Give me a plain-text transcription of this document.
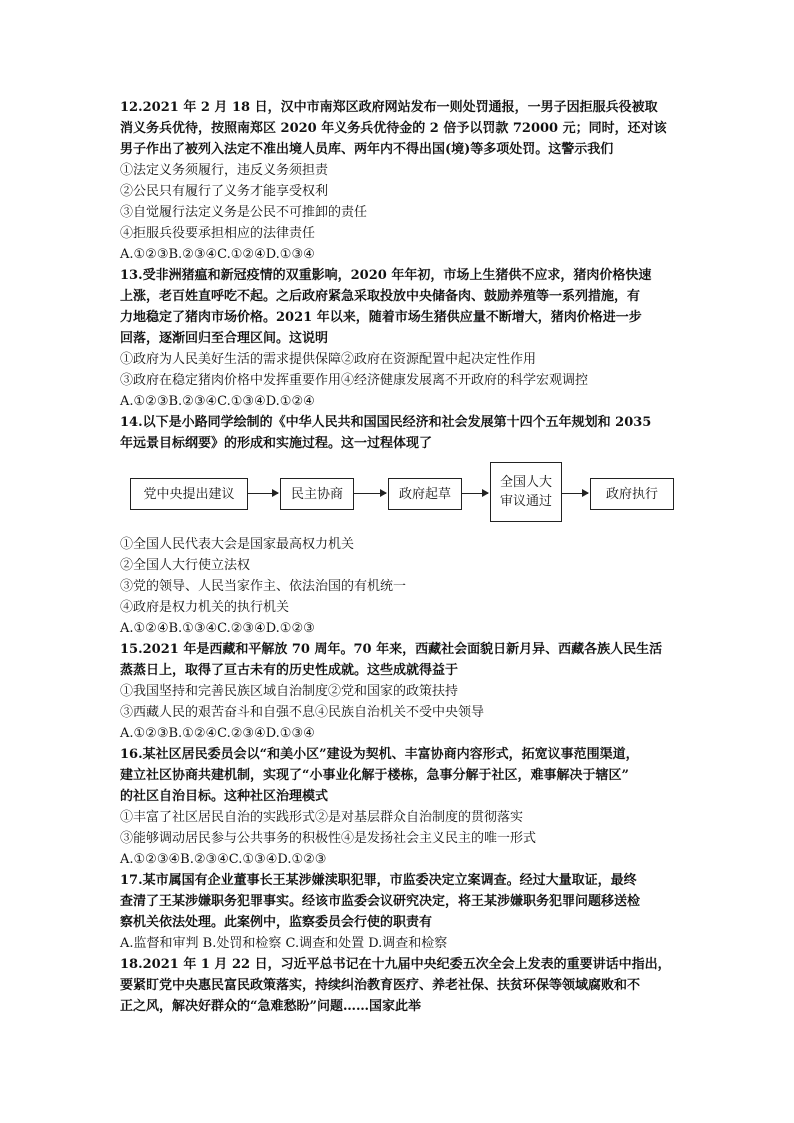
12.2021 年 2 月 18 日，汉中市南郑区政府网站发布一则处罚通报，一男子因拒服兵役被取
消义务兵优待，按照南郑区 2020 年义务兵优待金的 2 倍予以罚款 72000 元；同时，还对该
男子作出了被列入法定不准出境人员库、两年内不得出国(境)等多项处罚。这警示我们
①法定义务须履行，违反义务须担责
②公民只有履行了义务才能享受权利
③自觉履行法定义务是公民不可推卸的责任
④拒服兵役要承担相应的法律责任
A.①②③B.②③④C.①②④D.①③④
13.受非洲猪瘟和新冠疫情的双重影响，2020 年年初，市场上生猪供不应求，猪肉价格快速
上涨，老百姓直呼吃不起。之后政府紧急采取投放中央储备肉、鼓励养殖等一系列措施，有
力地稳定了猪肉市场价格。2021 年以来，随着市场生猪供应量不断增大，猪肉价格进一步
回落，逐渐回归至合理区间。这说明
①政府为人民美好生活的需求提供保障②政府在资源配置中起决定性作用
③政府在稳定猪肉价格中发挥重要作用④经济健康发展离不开政府的科学宏观调控
A.①②③B.②③④C.①③④D.①②④
14.以下是小路同学绘制的《中华人民共和国国民经济和社会发展第十四个五年规划和 2035
年远景目标纲要》的形成和实施过程。这一过程体现了
党中央提出建议	民主协商	政府起草
全国人大
审议通过	政府执行
①全国人民代表大会是国家最高权力机关
②全国人大行使立法权
③党的领导、人民当家作主、依法治国的有机统一
④政府是权力机关的执行机关
A.①②④B.①③④C.②③④D.①②③
15.2021 年是西藏和平解放 70 周年。70 年来，西藏社会面貌日新月异、西藏各族人民生活
蒸蒸日上，取得了亘古未有的历史性成就。这些成就得益于
①我国坚持和完善民族区域自治制度②党和国家的政策扶持
③西藏人民的艰苦奋斗和自强不息④民族自治机关不受中央领导
A.①②③B.①②④C.②③④D.①③④
16.某社区居民委员会以“和美小区”建设为契机、丰富协商内容形式，拓宽议事范围渠道，
建立社区协商共建机制，实现了“小事业化解于楼栋，急事分解于社区，难事解决于辖区”
的社区自治目标。这种社区治理模式
①丰富了社区居民自治的实践形式②是对基层群众自治制度的贯彻落实
③能够调动居民参与公共事务的积极性④是发扬社会主义民主的唯一形式
A.①②③④B.②③④C.①③④D.①②③
17.某市属国有企业董事长王某涉嫌渎职犯罪，市监委决定立案调查。经过大量取证，最终
查清了王某涉嫌职务犯罪事实。经该市监委会议研究决定，将王某涉嫌职务犯罪问题移送检
察机关依法处理。此案例中，监察委员会行使的职责有
A.监督和审判 B.处罚和检察 C.调查和处置 D.调查和检察
18.2021 年 1 月 22 日，习近平总书记在十九届中央纪委五次全会上发表的重要讲话中指出，
要紧盯党中央惠民富民政策落实，持续纠治教育医疗、养老社保、扶贫环保等领域腐败和不
正之风，解决好群众的“急难愁盼”问题……国家此举
